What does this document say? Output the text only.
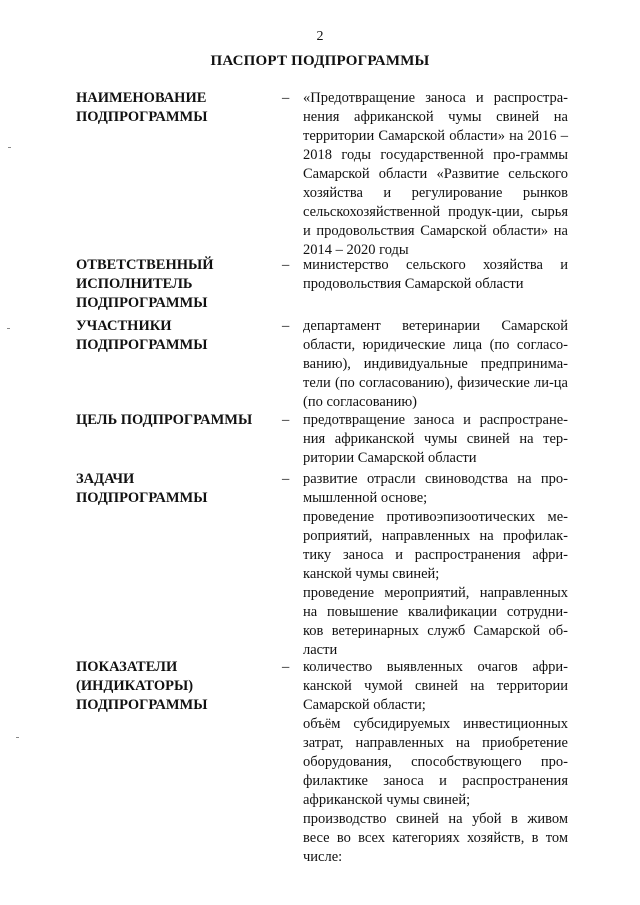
2
ПАСПОРТ ПОДПРОГРАММЫ
НАИМЕНОВАНИЕ
ПОДПРОГРАММЫ
– «Предотвращение заноса и распростра-нения африканской чумы свиней на территории Самарской области» на 2016 – 2018 годы государственной про-граммы Самарской области «Развитие сельского хозяйства и регулирование рынков сельскохозяйственной продук-ции, сырья и продовольствия Самарской области» на 2014 – 2020 годы

ОТВЕТСТВЕННЫЙ
ИСПОЛНИТЕЛЬ
ПОДПРОГРАММЫ
– министерство сельского хозяйства и продовольствия Самарской области

УЧАСТНИКИ
ПОДПРОГРАММЫ
– департамент ветеринарии Самарской области, юридические лица (по согласо-ванию), индивидуальные предпринима-тели (по согласованию), физические ли-ца (по согласованию)

ЦЕЛЬ ПОДПРОГРАММЫ	– предотвращение заноса и распростране-ния африканской чумы свиней на тер-ритории Самарской области

ЗАДАЧИ
ПОДПРОГРАММЫ
– развитие отрасли свиноводства на про-мышленной основе;

проведение противоэпизоотических ме-роприятий, направленных на профилак-тику заноса и распространения афри-канской чумы свиней;

проведение мероприятий, направленных на повышение квалификации сотрудни-ков ветеринарных служб Самарской об-ласти

ПОКАЗАТЕЛИ
(ИНДИКАТОРЫ)
ПОДПРОГРАММЫ
– количество выявленных очагов афри-канской чумой свиней на территории Самарской области;

объём субсидируемых инвестиционных затрат, направленных на приобретение оборудования, способствующего про-филактике заноса и распространения африканской чумы свиней;

производство свиней на убой в живом весе во всех категориях хозяйств, в том числе:
